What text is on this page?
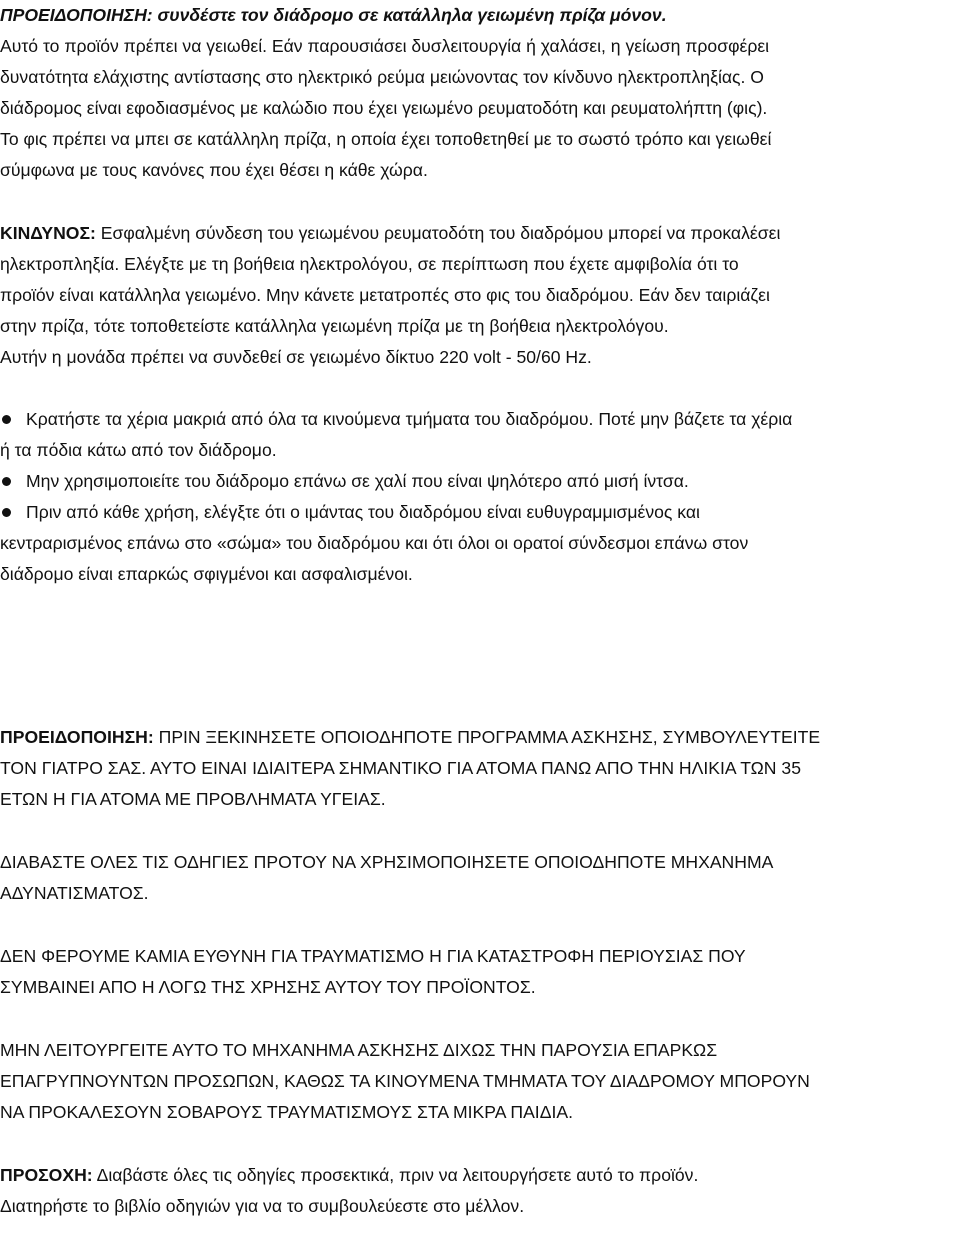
ΠΡΟΕΙΔΟΠΟΙΗΣΗ: συνδέστε τον διάδρομο σε κατάλληλα γειωμένη πρίζα μόνον.
Αυτό το προϊόν πρέπει να γειωθεί. Εάν παρουσιάσει δυσλειτουργία ή χαλάσει, η γείωση προσφέρει
δυνατότητα ελάχιστης αντίστασης στο ηλεκτρικό ρεύμα μειώνοντας τον κίνδυνο ηλεκτροπληξίας. Ο
διάδρομος είναι εφοδιασμένος με καλώδιο που έχει γειωμένο ρευματοδότη και ρευματολήπτη (φις).
Το φις πρέπει να μπει σε κατάλληλη πρίζα, η οποία έχει τοποθετηθεί με το σωστό τρόπο και γειωθεί
σύμφωνα με τους κανόνες που έχει θέσει η κάθε χώρα.
ΚΙΝΔΥΝΟΣ: Εσφαλμένη σύνδεση του γειωμένου ρευματοδότη του διαδρόμου μπορεί να προκαλέσει
ηλεκτροπληξία. Ελέγξτε με τη βοήθεια ηλεκτρολόγου, σε περίπτωση που έχετε αμφιβολία ότι το
προϊόν είναι κατάλληλα γειωμένο. Μην κάνετε μετατροπές στο φις του διαδρόμου. Εάν δεν ταιριάζει
στην πρίζα, τότε τοποθετείστε κατάλληλα γειωμένη πρίζα με τη βοήθεια ηλεκτρολόγου.
Αυτήν η μονάδα πρέπει να συνδεθεί σε γειωμένο δίκτυο 220 volt - 50/60 Hz.
Κρατήστε τα χέρια μακριά από όλα τα κινούμενα τμήματα του διαδρόμου. Ποτέ μην βάζετε τα χέρια
ή τα πόδια κάτω από τον διάδρομο.
Μην χρησιμοποιείτε του διάδρομο επάνω σε χαλί που είναι ψηλότερο από μισή ίντσα.
Πριν από κάθε χρήση, ελέγξτε ότι ο ιμάντας του διαδρόμου είναι ευθυγραμμισμένος και
κεντραρισμένος επάνω στο «σώμα» του διαδρόμου και ότι όλοι οι ορατοί σύνδεσμοι επάνω στον
διάδρομο είναι επαρκώς σφιγμένοι και ασφαλισμένοι.
ΠΡΟΕΙΔΟΠΟΙΗΣΗ: ΠΡΙΝ ΞΕΚΙΝΗΣΕΤΕ ΟΠΟΙΟΔΗΠΟΤΕ ΠΡΟΓΡΑΜΜΑ ΑΣΚΗΣΗΣ, ΣΥΜΒΟΥΛΕΥΤΕΙΤΕ
ΤΟΝ ΓΙΑΤΡΟ ΣΑΣ. ΑΥΤΟ ΕΙΝΑΙ ΙΔΙΑΙΤΕΡΑ ΣΗΜΑΝΤΙΚΟ ΓΙΑ ΑΤΟΜΑ ΠΑΝΩ ΑΠΟ ΤΗΝ ΗΛΙΚΙΑ ΤΩΝ 35
ΕΤΩΝ Η ΓΙΑ ΑΤΟΜΑ ΜΕ ΠΡΟΒΛΗΜΑΤΑ ΥΓΕΙΑΣ.
ΔΙΑΒΑΣΤΕ ΟΛΕΣ ΤΙΣ ΟΔΗΓΙΕΣ ΠΡΟΤΟΥ ΝΑ ΧΡΗΣΙΜΟΠΟΙΗΣΕΤΕ ΟΠΟΙΟΔΗΠΟΤΕ ΜΗΧΑΝΗΜΑ
ΑΔΥΝΑΤΙΣΜΑΤΟΣ.
ΔΕΝ ΦΕΡΟΥΜΕ ΚΑΜΙΑ ΕΥΘΥΝΗ ΓΙΑ ΤΡΑΥΜΑΤΙΣΜΟ Η ΓΙΑ ΚΑΤΑΣΤΡΟΦΗ ΠΕΡΙΟΥΣΙΑΣ ΠΟΥ
ΣΥΜΒΑΙΝΕΙ ΑΠΟ Η ΛΟΓΩ ΤΗΣ ΧΡΗΣΗΣ ΑΥΤΟΥ ΤΟΥ ΠΡΟΪΟΝΤΟΣ.
ΜΗΝ ΛΕΙΤΟΥΡΓΕΙΤΕ ΑΥΤΟ ΤΟ ΜΗΧΑΝΗΜΑ ΑΣΚΗΣΗΣ ΔΙΧΩΣ ΤΗΝ ΠΑΡΟΥΣΙΑ ΕΠΑΡΚΩΣ
ΕΠΑΓΡΥΠΝΟΥΝΤΩΝ ΠΡΟΣΩΠΩΝ, ΚΑΘΩΣ ΤΑ ΚΙΝΟΥΜΕΝΑ ΤΜΗΜΑΤΑ ΤΟΥ ΔΙΑΔΡΟΜΟΥ ΜΠΟΡΟΥΝ
ΝΑ ΠΡΟΚΑΛΕΣΟΥΝ ΣΟΒΑΡΟΥΣ ΤΡΑΥΜΑΤΙΣΜΟΥΣ ΣΤΑ ΜΙΚΡΑ ΠΑΙΔΙΑ.
ΠΡΟΣΟΧΗ: Διαβάστε όλες τις οδηγίες προσεκτικά, πριν να λειτουργήσετε αυτό το προϊόν.
Διατηρήστε το βιβλίο οδηγιών για να το συμβουλεύεστε στο μέλλον.
